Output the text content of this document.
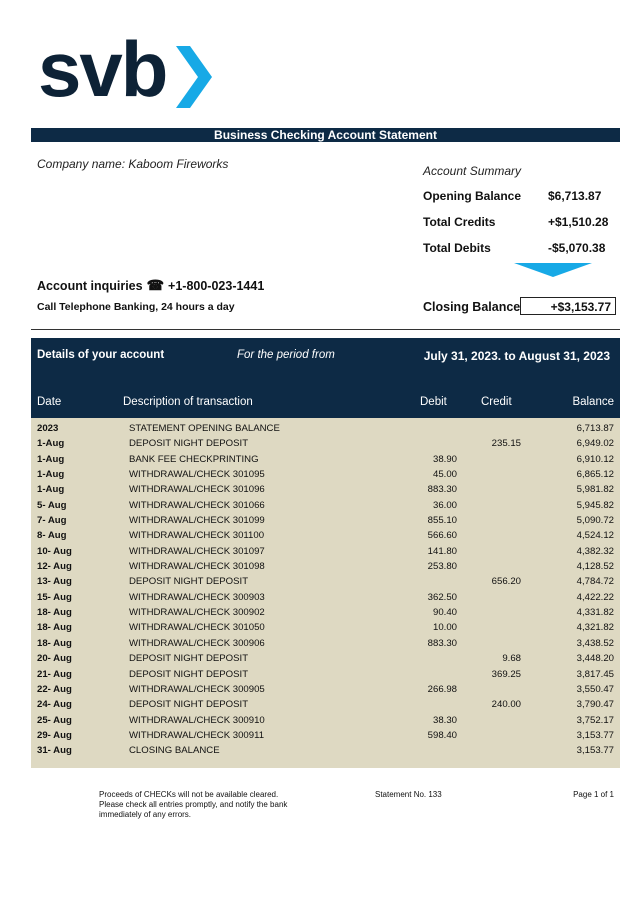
svb
Business Checking Account Statement
Company name: Kaboom Fireworks	Account Summary
Opening Balance $6,713.87
Total Credits	+$1,510.28
Total Debits	-$5,070.38
Account inquiries ☎ +1-800-023-1441
Call Telephone Banking, 24 hours a day	Closing Balance	+$3,153.77
Details of your account	For the period from	July 31, 2023. to August 31, 2023
Date	Description of transaction	Debit	Credit	Balance
2023	STATEMENT OPENING BALANCE			6,713.87
1-Aug	DEPOSIT NIGHT DEPOSIT		235.15	6,949.02
1-Aug	BANK FEE CHECKPRINTING	38.90		6,910.12
1-Aug	WITHDRAWAL/CHECK 301095	45.00		6,865.12
1-Aug	WITHDRAWAL/CHECK 301096	883.30		5,981.82
5- Aug	WITHDRAWAL/CHECK 301066	36.00		5,945.82
7- Aug	WITHDRAWAL/CHECK 301099	855.10		5,090.72
8- Aug	WITHDRAWAL/CHECK 301100	566.60		4,524.12
10- Aug	WITHDRAWAL/CHECK 301097	141.80		4,382.32
12- Aug	WITHDRAWAL/CHECK 301098	253.80		4,128.52
13- Aug	DEPOSIT NIGHT DEPOSIT		656.20	4,784.72
15- Aug	WITHDRAWAL/CHECK 300903	362.50		4,422.22
18- Aug	WITHDRAWAL/CHECK 300902	90.40		4,331.82
18- Aug	WITHDRAWAL/CHECK 301050	10.00		4,321.82
18- Aug	WITHDRAWAL/CHECK 300906	883.30		3,438.52
20- Aug	DEPOSIT NIGHT DEPOSIT		9.68	3,448.20
21- Aug	DEPOSIT NIGHT DEPOSIT		369.25	3,817.45
22- Aug	WITHDRAWAL/CHECK 300905	266.98		3,550.47
24- Aug	DEPOSIT NIGHT DEPOSIT		240.00	3,790.47
25- Aug	WITHDRAWAL/CHECK 300910	38.30		3,752.17
29- Aug	WITHDRAWAL/CHECK 300911	598.40		3,153.77
31- Aug	CLOSING BALANCE			3,153.77
Proceeds of CHECKs will not be available cleared. Please check all entries promptly, and notify the bank immediately of any errors.
Statement No. 133	Page 1 of 1
